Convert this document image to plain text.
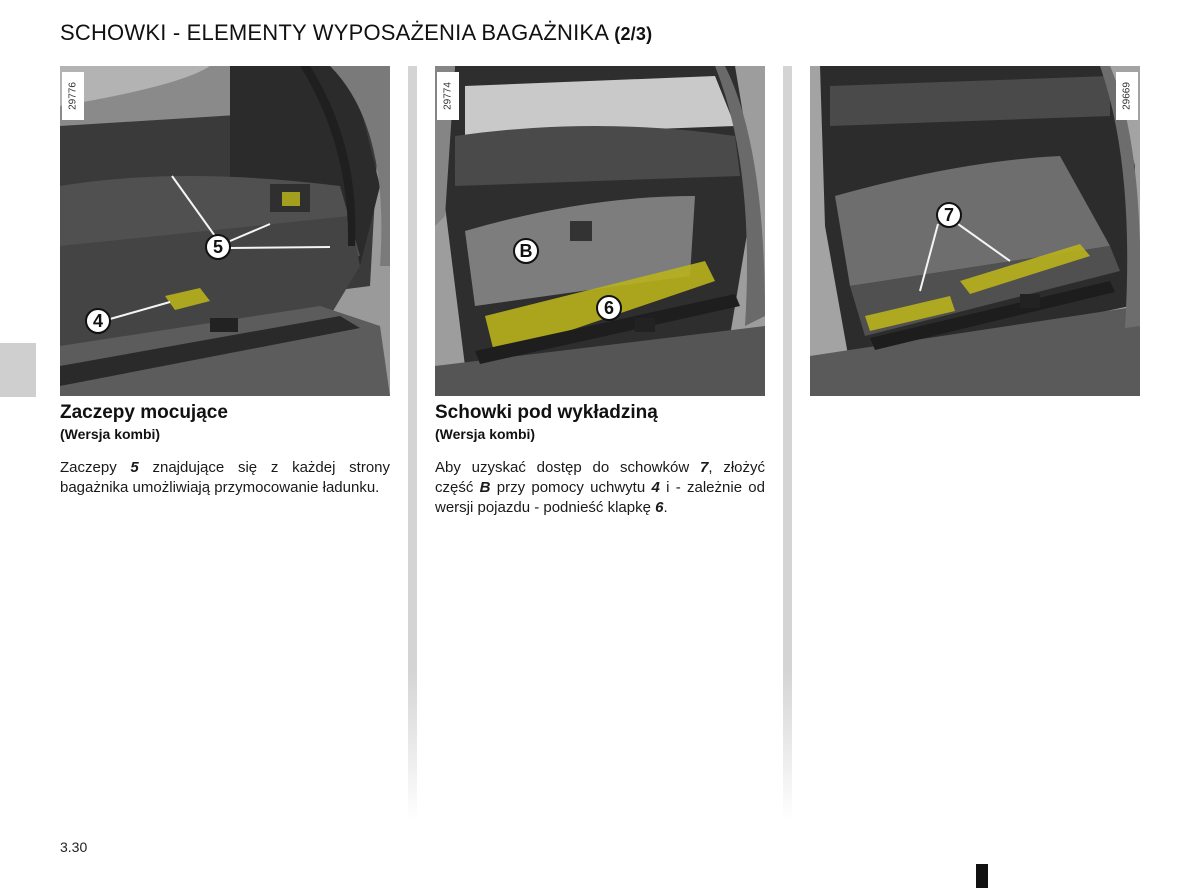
SCHOWKI - ELEMENTY WYPOSAŻENIA BAGAŻNIKA (2/3)
29776
5
4
29774
B
6
29669
7
Zaczepy mocujące
(Wersja kombi)

Zaczepy 5 znajdujące się z każdej strony bagażnika umożliwiają przymocowanie ładunku.

Schowki pod wykładziną
(Wersja kombi)

Aby uzyskać dostęp do schowków 7, złożyć część B przy pomocy uchwytu 4 i - zależnie od wersji pojazdu - podnieść klapkę 6.

3.30
